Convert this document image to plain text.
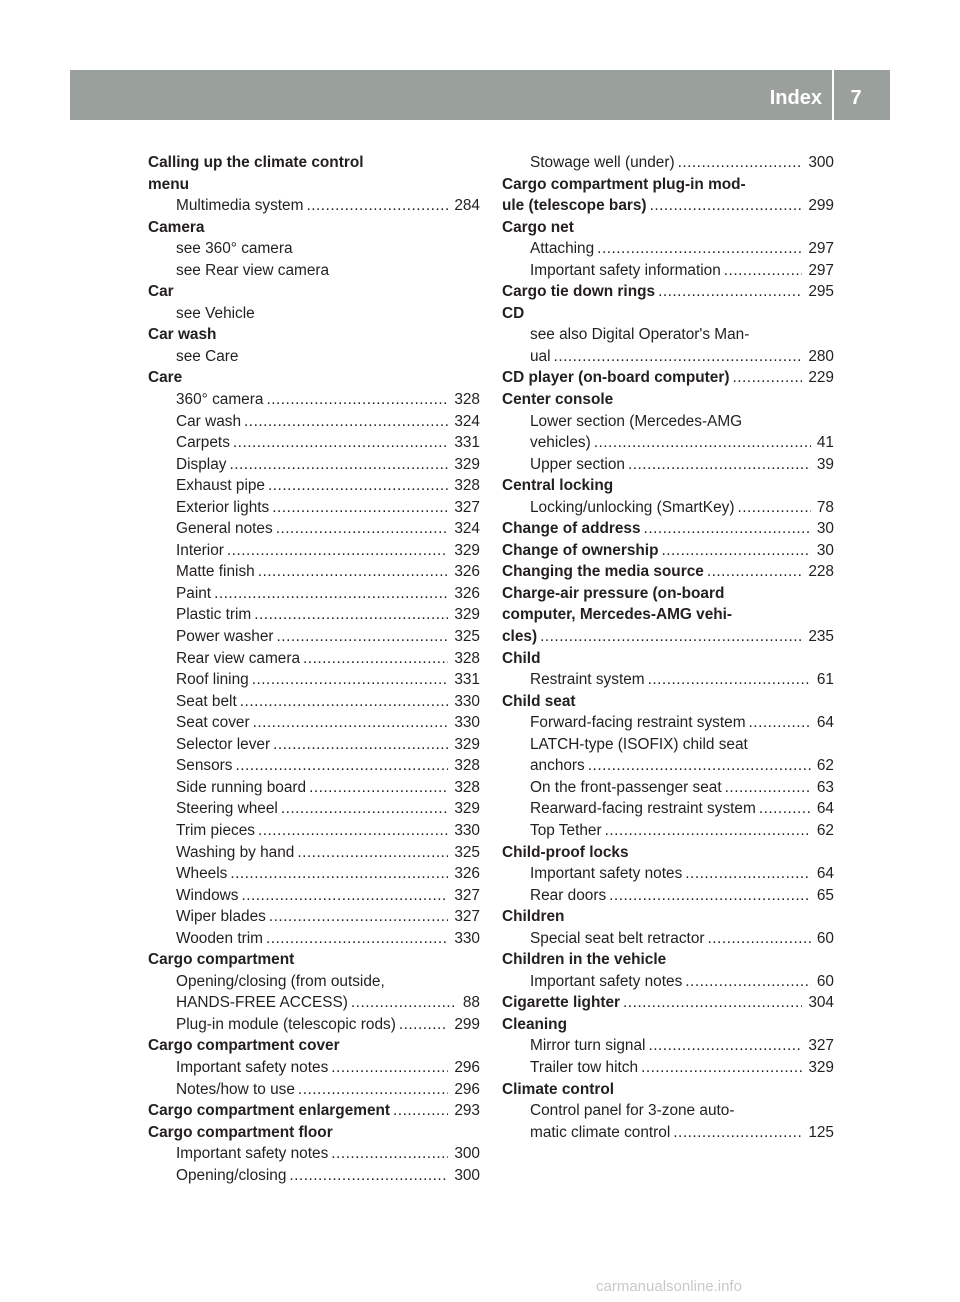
Index	7
Calling up the climate control
menu
Multimedia system .....	284
Camera
see 360° camera
see Rear view camera
Car
see Vehicle
Car wash
see Care
Care
360° camera .....	328
Car wash .....	324
Carpets .....	331
Display .....	329
Exhaust pipe .....	328
Exterior lights .....	327
General notes .....	324
Interior .....	329
Matte finish .....	326
Paint .....	326
Plastic trim .....	329
Power washer .....	325
Rear view camera .....	328
Roof lining .....	331
Seat belt .....	330
Seat cover .....	330
Selector lever .....	329
Sensors .....	328
Side running board .....	328
Steering wheel .....	329
Trim pieces .....	330
Washing by hand .....	325
Wheels .....	326
Windows .....	327
Wiper blades .....	327
Wooden trim .....	330
Cargo compartment
Opening/closing (from outside,
HANDS-FREE ACCESS) .....	88
Plug-in module (telescopic rods) .....	299
Cargo compartment cover
Important safety notes .....	296
Notes/how to use .....	296
Cargo compartment enlargement .....	293
Cargo compartment floor
Important safety notes .....	300
Opening/closing .....	300
Stowage well (under) .....	300
Cargo compartment plug-in mod-
ule (telescope bars) .....	299
Cargo net
Attaching .....	297
Important safety information .....	297
Cargo tie down rings .....	295
CD
see also Digital Operator's Man-
ual .....	280
CD player (on-board computer) .....	229
Center console
Lower section (Mercedes-AMG
vehicles) .....	41
Upper section .....	39
Central locking
Locking/unlocking (SmartKey) .....	78
Change of address .....	30
Change of ownership .....	30
Changing the media source .....	228
Charge-air pressure (on-board
computer, Mercedes-AMG vehi-
cles) .....	235
Child
Restraint system .....	61
Child seat
Forward-facing restraint system .....	64
LATCH-type (ISOFIX) child seat
anchors .....	62
On the front-passenger seat .....	63
Rearward-facing restraint system .....	64
Top Tether .....	62
Child-proof locks
Important safety notes .....	64
Rear doors .....	65
Children
Special seat belt retractor .....	60
Children in the vehicle
Important safety notes .....	60
Cigarette lighter .....	304
Cleaning
Mirror turn signal .....	327
Trailer tow hitch .....	329
Climate control
Control panel for 3-zone auto-
matic climate control .....	125
carmanualsonline.info
